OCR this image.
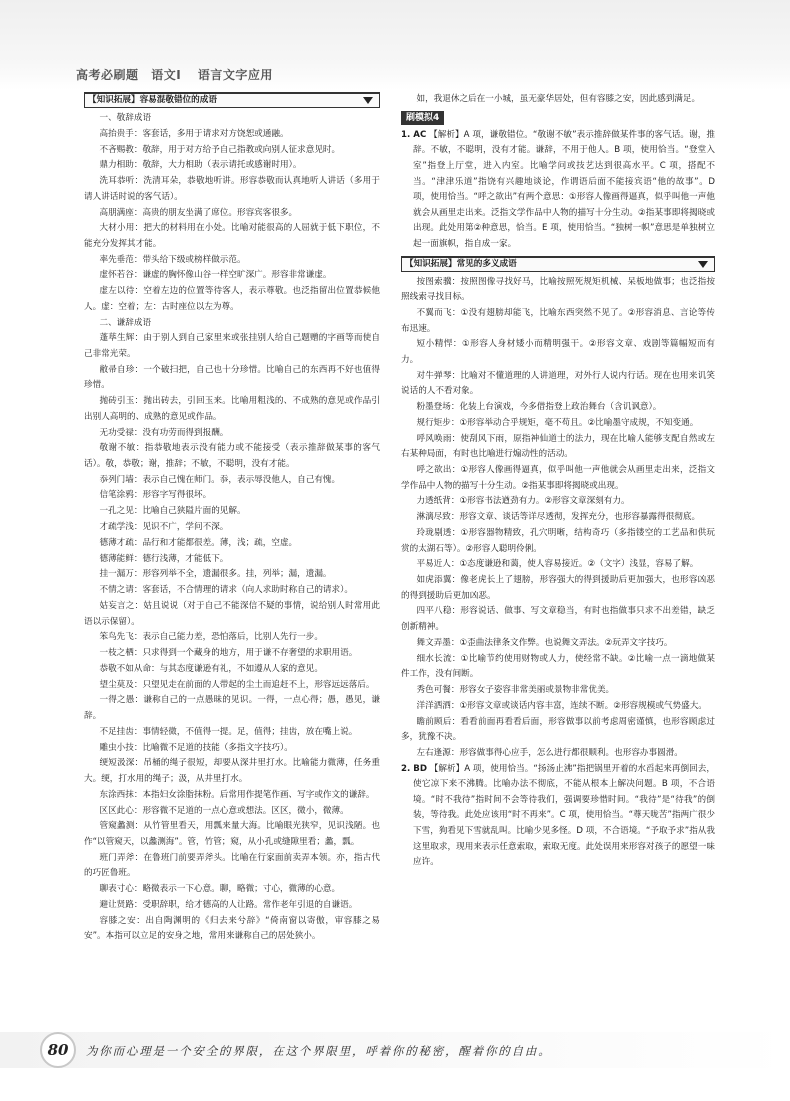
高考必刷题 语文Ⅰ 语言文字应用
【知识拓展】容易混敬错位的成语
一、敬辞成语
高抬贵手：客套话，多用于请求对方饶恕或通融。
不吝赐教：敬辞，用于对方给予自己指教或向别人征求意见时。
鼎力相助：敬辞，大力相助（表示请托或感谢时用）。
洗耳恭听：洗清耳朵，恭敬地听讲。形容恭敬而认真地听人讲话（多用于请人讲话时说的客气话）。
高朋满座：高贵的朋友坐满了席位。形容宾客很多。
大材小用：把大的材料用在小处。比喻对能很高的人屈就于低下职位，不能充分发挥其才能。
率先垂范：带头给下级或榜样做示范。
虚怀若谷：谦虚的胸怀像山谷一样空旷深广。形容非常谦虚。
虚左以待：空着左边的位置等待客人，表示尊敬。也泛指留出位置恭候他人。虚：空着；左：古时座位以左为尊。
二、谦辞成语
蓬荜生辉：由于别人到自己家里来或张挂别人给自己题赠的字画等而使自己非常光荣。
敝帚自珍：一个破扫把，自己也十分珍惜。比喻自己的东西再不好也值得珍惜。
抛砖引玉：抛出砖去，引回玉来。比喻用粗浅的、不成熟的意见或作品引出别人高明的、成熟的意见或作品。
无功受禄：没有功劳而得到报酬。
敬谢不敏：指恭敬地表示没有能力或不能接受（表示推辞做某事的客气话）。敬，恭敬；谢，推辞；不敏，不聪明，没有才能。
忝列门墙：表示自己愧在师门。忝，表示辱没他人，自己有愧。
信笔涂鸦：形容字写得很坏。
一孔之见：比喻自己狭隘片面的见解。
才疏学浅：见识不广，学问不深。
德薄才疏：品行和才能都很差。薄，浅；疏，空虚。
德薄能鲜：德行浅薄，才能低下。
挂一漏万：形容列举不全，遗漏很多。挂，列举；漏，遗漏。
不情之请：客套话，不合情理的请求（向人求助时称自己的请求）。
姑妄言之：姑且说说（对于自己不能深信不疑的事情，说给别人时常用此语以示保留）。
笨鸟先飞：表示自己能力差，恐怕落后，比别人先行一步。
一枝之栖：只求得到一个藏身的地方，用于谦不存奢望的求职用语。
恭敬不如从命：与其态度谦逊有礼，不如遵从人家的意见。
望尘莫及：只望见走在前面的人带起的尘土而追赶不上，形容远远落后。
一得之愚：谦称自己的一点愚昧的见识。一得，一点心得；愚，愚见，谦辞。
不足挂齿：事情轻微，不值得一提。足，值得；挂齿，放在嘴上说。
雕虫小技：比喻微不足道的技能（多指文字技巧）。
绠短汲深：吊桶的绳子很短，却要从深井里打水。比喻能力微薄，任务重大。绠，打水用的绳子；汲，从井里打水。
东涂西抹：本指妇女涂脂抹粉。后常用作提笔作画、写字或作文的谦辞。
区区此心：形容微不足道的一点心意或想法。区区，微小，微薄。
管窥蠡测：从竹管里看天，用瓢来量大海。比喻眼光狭窄，见识浅陋。也作“以管窥天，以蠡测海”。管，竹管；窥，从小孔或缝隙里看；蠡，瓢。
班门弄斧：在鲁班门前要弄斧头。比喻在行家面前卖弄本领。亦，指古代的巧匠鲁班。
聊表寸心：略微表示一下心意。聊，略微；寸心，微薄的心意。
避让贤路：受职辞职，给才德高的人让路。常作老年引退的自谦语。
容膝之安：出自陶渊明的《归去来兮辞》“倚南窗以寄傲，审容膝之易安”。本指可以立足的安身之地，常用来谦称自己的居处狭小。
如，我退休之后在一小城，虽无豪华居处，但有容膝之安，因此感到满足。
刷模拟4
1. AC 【解析】A 项，谦敬错位。“敬谢不敏”表示推辞做某件事的客气话。谢，推辞。不敏，不聪明，没有才能。谦辞，不用于他人。B 项，使用恰当。“登堂入室”指登上厅堂，进入内室。比喻学问或技艺达到很高水平。C 项，搭配不当。“津津乐道”指饶有兴趣地谈论，作谓语后面不能接宾语“他的故事”。D 项，使用恰当。“呼之欲出”有两个意思：①形容人像画得逼真，似乎叫他一声他就会从画里走出来。泛指文学作品中人物的描写十分生动。②指某事即将揭晓或出现。此处用第②种意思，恰当。E 项，使用恰当。“独树一帜”意思是单独树立起一面旗帜，指自成一家。
【知识拓展】常见的多义成语
按图索骥：按照图像寻找好马，比喻按照死规矩机械、呆板地做事；也泛指按照线索寻找目标。
不翼而飞：①没有翅膀却能飞，比喻东西突然不见了。②形容消息、言论等传布迅速。
短小精悍：①形容人身材矮小而精明强干。②形容文章、戏剧等篇幅短而有力。
对牛弹琴：比喻对不懂道理的人讲道理，对外行人说内行话。现在也用来讥笑说话的人不看对象。
粉墨登场：化装上台演戏，今多借指登上政治舞台（含讥讽意）。
规行矩步：①形容举动合乎规矩，毫不苟且。②比喻墨守成规，不知变通。
呼风唤雨：使刮风下雨，原指神仙道士的法力，现在比喻人能够支配自然或左右某种局面，有时也比喻进行煽动性的活动。
呼之欲出：①形容人像画得逼真，似乎叫他一声他就会从画里走出来，泛指文学作品中人物的描写十分生动。②指某事即将揭晓或出现。
力透纸背：①形容书法遒劲有力。②形容文章深刻有力。
淋漓尽致：形容文章、谈话等详尽透彻，发挥充分，也形容暴露得很彻底。
玲珑剔透：①形容器物精致，孔穴明晰，结构奇巧（多指镂空的工艺品和供玩赏的太湖石等）。②形容人聪明伶俐。
平易近人：①态度谦逊和蔼，使人容易接近。②（文字）浅显，容易了解。
如虎添翼：像老虎长上了翅膀，形容强大的得到援助后更加强大，也形容凶恶的得到援助后更加凶恶。
四平八稳：形容说话、做事、写文章稳当，有时也指做事只求不出差错，缺乏创新精神。
舞文弄墨：①歪曲法律条文作弊。也说舞文弄法。②玩弄文字技巧。
细水长流：①比喻节约使用财物或人力，使经常不缺。②比喻一点一滴地做某件工作，没有间断。
秀色可餐：形容女子姿容非常美丽或景物非常优美。
洋洋洒洒：①形容文章或谈话内容丰富，连续不断。②形容规模或气势盛大。
瞻前顾后：看看前面再看看后面，形容做事以前考虑周密谨慎，也形容顾虑过多，犹豫不决。
左右逢源：形容做事得心应手，怎么进行都很顺利。也形容办事圆滑。
2. BD 【解析】A 项，使用恰当。“扬汤止沸”指把锅里开着的水舀起来再倒回去，使它凉下来不沸腾。比喻办法不彻底，不能从根本上解决问题。B 项，不合语境。“时不我待”指时间不会等待我们，强调要珍惜时间。“我待”是“待我”的倒装，等待我。此处应该用“时不再来”。C 项，使用恰当。“尊天咙苦”指两广很少下雪，狗看见下雪就乱叫。比喻少见多怪。D 项，不合语境。“予取予求”指从我这里取求，现用来表示任意索取，索取无度。此处误用来形容对孩子的愿望一味应许。
80	为你而心理是一个安全的界限，在这个界限里，呼着你的秘密，醒着你的自由。
